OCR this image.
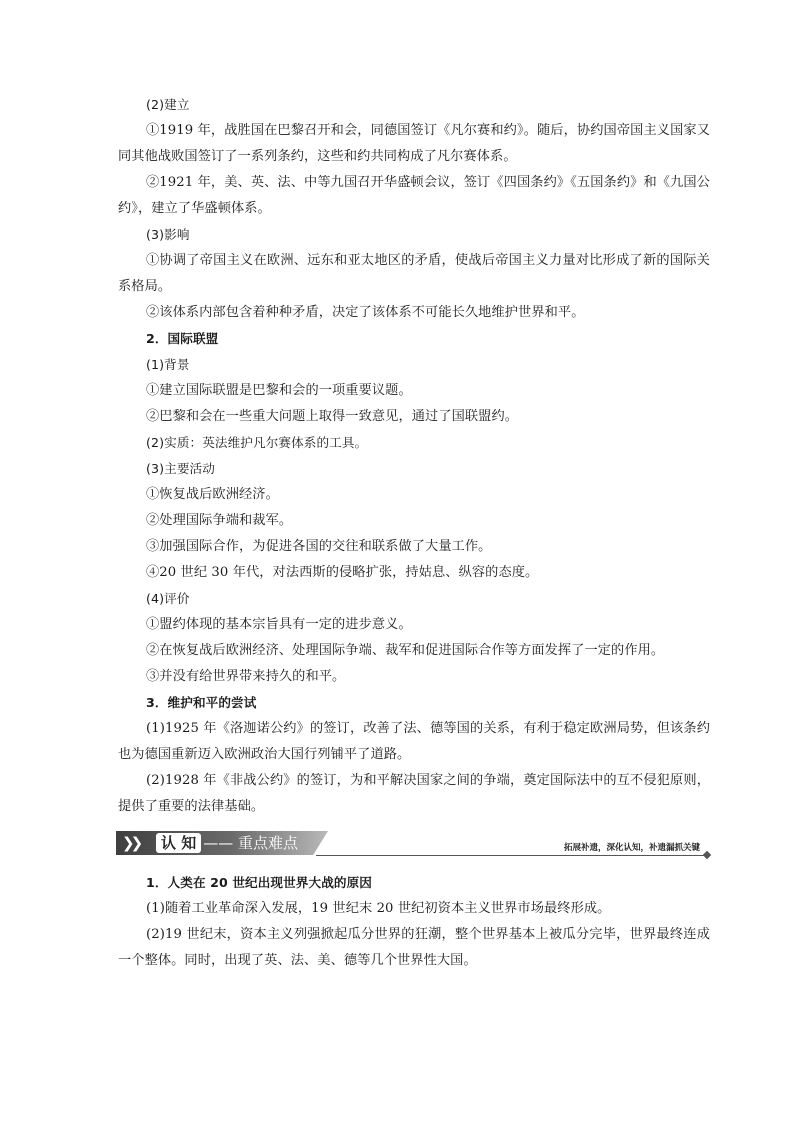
(2)建立

①1919 年，战胜国在巴黎召开和会，同德国签订《凡尔赛和约》。随后，协约国帝国主义国家又同其他战败国签订了一系列条约，这些和约共同构成了凡尔赛体系。

②1921 年，美、英、法、中等九国召开华盛顿会议，签订《四国条约》《五国条约》和《九国公约》，建立了华盛顿体系。

(3)影响

①协调了帝国主义在欧洲、远东和亚太地区的矛盾，使战后帝国主义力量对比形成了新的国际关系格局。

②该体系内部包含着种种矛盾，决定了该体系不可能长久地维护世界和平。

2．国际联盟

(1)背景

①建立国际联盟是巴黎和会的一项重要议题。

②巴黎和会在一些重大问题上取得一致意见，通过了国联盟约。

(2)实质：英法维护凡尔赛体系的工具。

(3)主要活动

①恢复战后欧洲经济。

②处理国际争端和裁军。

③加强国际合作，为促进各国的交往和联系做了大量工作。

④20 世纪 30 年代，对法西斯的侵略扩张，持姑息、纵容的态度。

(4)评价

①盟约体现的基本宗旨具有一定的进步意义。

②在恢复战后欧洲经济、处理国际争端、裁军和促进国际合作等方面发挥了一定的作用。

③并没有给世界带来持久的和平。

3．维护和平的尝试

(1)1925 年《洛迦诺公约》的签订，改善了法、德等国的关系，有利于稳定欧洲局势，但该条约也为德国重新迈入欧洲政治大国行列铺平了道路。

(2)1928 年《非战公约》的签订，为和平解决国家之间的争端，奠定国际法中的互不侵犯原则，提供了重要的法律基础。

❯❯	认 知 —— 重点难点	拓展补遗，深化认知，补遗漏抓关键

1．人类在 20 世纪出现世界大战的原因

(1)随着工业革命深入发展，19 世纪末 20 世纪初资本主义世界市场最终形成。

(2)19 世纪末，资本主义列强掀起瓜分世界的狂潮，整个世界基本上被瓜分完毕，世界最终连成一个整体。同时，出现了英、法、美、德等几个世界性大国。
